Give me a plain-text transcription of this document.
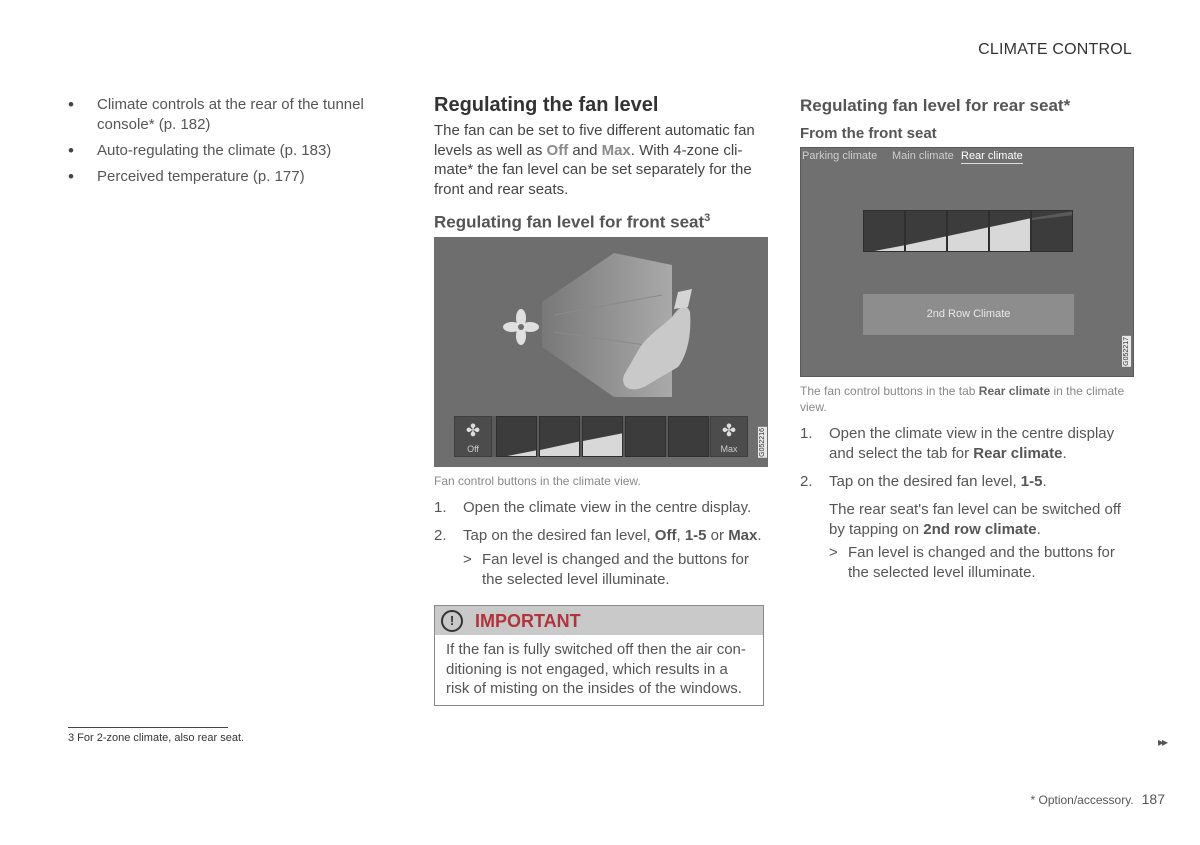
CLIMATE CONTROL
• Climate controls at the rear of the tunnel console* (p. 182)
• Auto-regulating the climate (p. 183)
• Perceived temperature (p. 177)
3 For 2-zone climate, also rear seat.
Regulating the fan level
The fan can be set to five different automatic fan levels as well as Off and Max. With 4-zone cli-mate* the fan level can be set separately for the front and rear seats.
Regulating fan level for front seat$^3$
✤
Off
✤
Max	G052216
Fan control buttons in the climate view.
1. Open the climate view in the centre display.
2. Tap on the desired fan level, Off, 1-5 or Max.
> Fan level is changed and the buttons for the selected level illuminate.
!	IMPORTANT
If the fan is fully switched off then the air con-ditioning is not engaged, which results in a risk of misting on the insides of the windows.
Regulating fan level for rear seat*
From the front seat
Parking climate Main climate Rear climate
2nd Row Climate
G052217
The fan control buttons in the tab Rear climate in the climate view.
1. Open the climate view in the centre display and select the tab for Rear climate.
2. Tap on the desired fan level, 1-5.
The rear seat's fan level can be switched off by tapping on 2nd row climate.
> Fan level is changed and the buttons for the selected level illuminate.
▸▸
* Option/accessory. 187
